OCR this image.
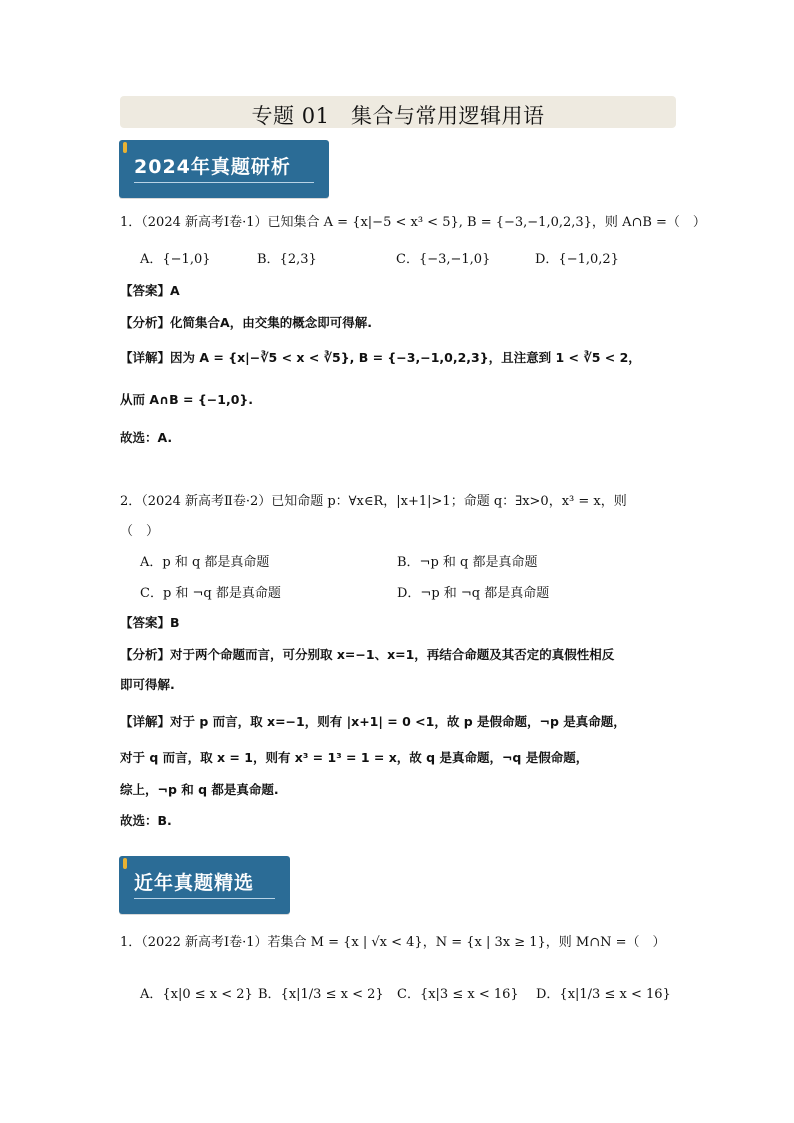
专题 01　集合与常用逻辑用语
2024年真题研析
1．（2024 新高考Ⅰ卷·1）已知集合 A = {x|−5 < x³ < 5}, B = {−3,−1,0,2,3}，则 A∩B =（　）
A．{−1,0}	B．{2,3}	C．{−3,−1,0}	D．{−1,0,2}
【答案】A
【分析】化简集合A，由交集的概念即可得解.
【详解】因为 A = {x|−∛5 < x < ∛5}, B = {−3,−1,0,2,3}，且注意到 1 < ∛5 < 2，
从而 A∩B = {−1,0}.
故选：A.
2．（2024 新高考Ⅱ卷·2）已知命题 p：∀x∈R，|x+1|>1；命题 q：∃x>0，x³ = x，则
（　）
A．p 和 q 都是真命题	B．¬p 和 q 都是真命题
C．p 和 ¬q 都是真命题	D．¬p 和 ¬q 都是真命题
【答案】B
【分析】对于两个命题而言，可分别取 x=−1、x=1，再结合命题及其否定的真假性相反
即可得解.
【详解】对于 p 而言，取 x=−1，则有 |x+1| = 0 <1，故 p 是假命题，¬p 是真命题，
对于 q 而言，取 x = 1，则有 x³ = 1³ = 1 = x，故 q 是真命题，¬q 是假命题，
综上，¬p 和 q 都是真命题.
故选：B.
近年真题精选
1．（2022 新高考Ⅰ卷·1）若集合 M = {x | √x < 4}，N = {x | 3x ≥ 1}，则 M∩N =（　）
A．{x|0 ≤ x < 2} B．{x|1/3 ≤ x < 2} C．{x|3 ≤ x < 16} D．{x|1/3 ≤ x < 16}
